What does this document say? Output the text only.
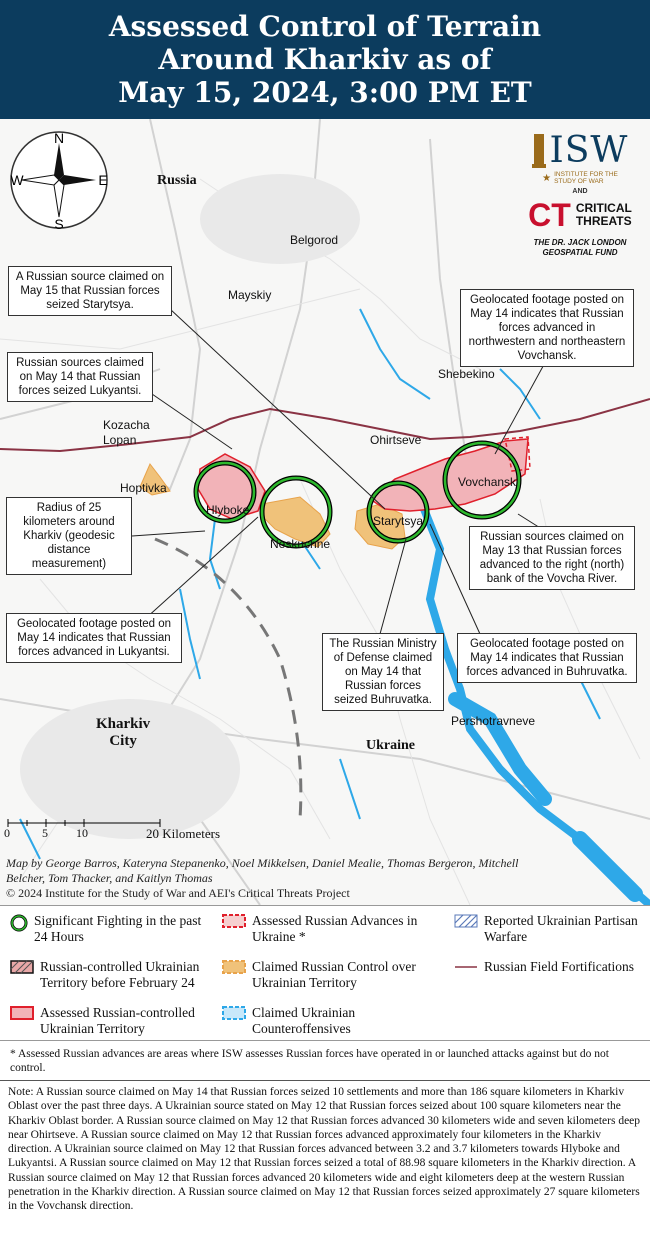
Assessed Control of Terrain
Around Kharkiv as of
May 15, 2024, 3:00 PM ET
N
S
E
W
ISW
★ INSTITUTE FOR THE
STUDY OF WAR
AND
CT CRITICAL
THREATS
THE DR. JACK LONDON
GEOSPATIAL FUND
Russia
Belgorod
Mayskiy
Shebekino
Kozacha
Lopan	Ohirtseve
Hoptivka
Hlyboke
Neskuchne
Starytsya
Vovchansk
Kharkiv
City	Ukraine
Pershotravneve
A Russian source claimed on May 15 that Russian forces seized Starytsya.
Russian sources claimed on May 14 that Russian forces seized Lukyantsi.
Geolocated footage posted on May 14 indicates that Russian forces advanced in northwestern and northeastern Vovchansk.
Radius of 25 kilometers around Kharkiv (geodesic distance measurement)
Russian sources claimed on May 13 that Russian forces advanced to the right (north) bank of the Vovcha River.
Geolocated footage posted on May 14 indicates that Russian forces advanced in Lukyantsi.
The Russian Ministry of Defense claimed on May 14 that Russian forces seized Buhruvatka.
Geolocated footage posted on May 14 indicates that Russian forces advanced in Buhruvatka.
0	5 10	20 Kilometers
Map by George Barros, Kateryna Stepanenko, Noel Mikkelsen, Daniel Mealie, Thomas Bergeron, Mitchell
Belcher, Tom Thacker, and Kaitlyn Thomas
© 2024 Institute for the Study of War and AEI's Critical Threats Project
Significant Fighting in the past 24 Hours
Assessed Russian Advances in Ukraine *
Reported Ukrainian Partisan Warfare
Russian-controlled Ukrainian Territory before February 24
Claimed Russian Control over Ukrainian Territory
Russian Field Fortifications
Assessed Russian-controlled Ukrainian Territory
Claimed Ukrainian Counteroffensives
* Assessed Russian advances are areas where ISW assesses Russian forces have operated in or launched attacks against but do not control.
Note: A Russian source claimed on May 14 that Russian forces seized 10 settlements and more than 186 square kilometers in Kharkiv Oblast over the past three days. A Ukrainian source stated on May 12 that Russian forces seized about 100 square kilometers near the Kharkiv Oblast border. A Russian source claimed on May 12 that Russian forces advanced 30 kilometers wide and seven kilometers deep near Ohirtseve. A Russian source claimed on May 12 that Russian forces advanced approximately four kilometers in the Kharkiv direction. A Ukrainian source claimed on May 12 that Russian forces advanced between 3.2 and 3.7 kilometers towards Hlyboke and Lukyantsi. A Russian source claimed on May 12 that Russian forces seized a total of 88.98 square kilometers in the Kharkiv direction. A Russian source claimed on May 12 that Russian forces advanced 20 kilometers wide and eight kilometers deep at the western Russian penetration in the Kharkiv direction. A Russian source claimed on May 12 that Russian forces seized approximately 27 square kilometers in the Vovchansk direction.
